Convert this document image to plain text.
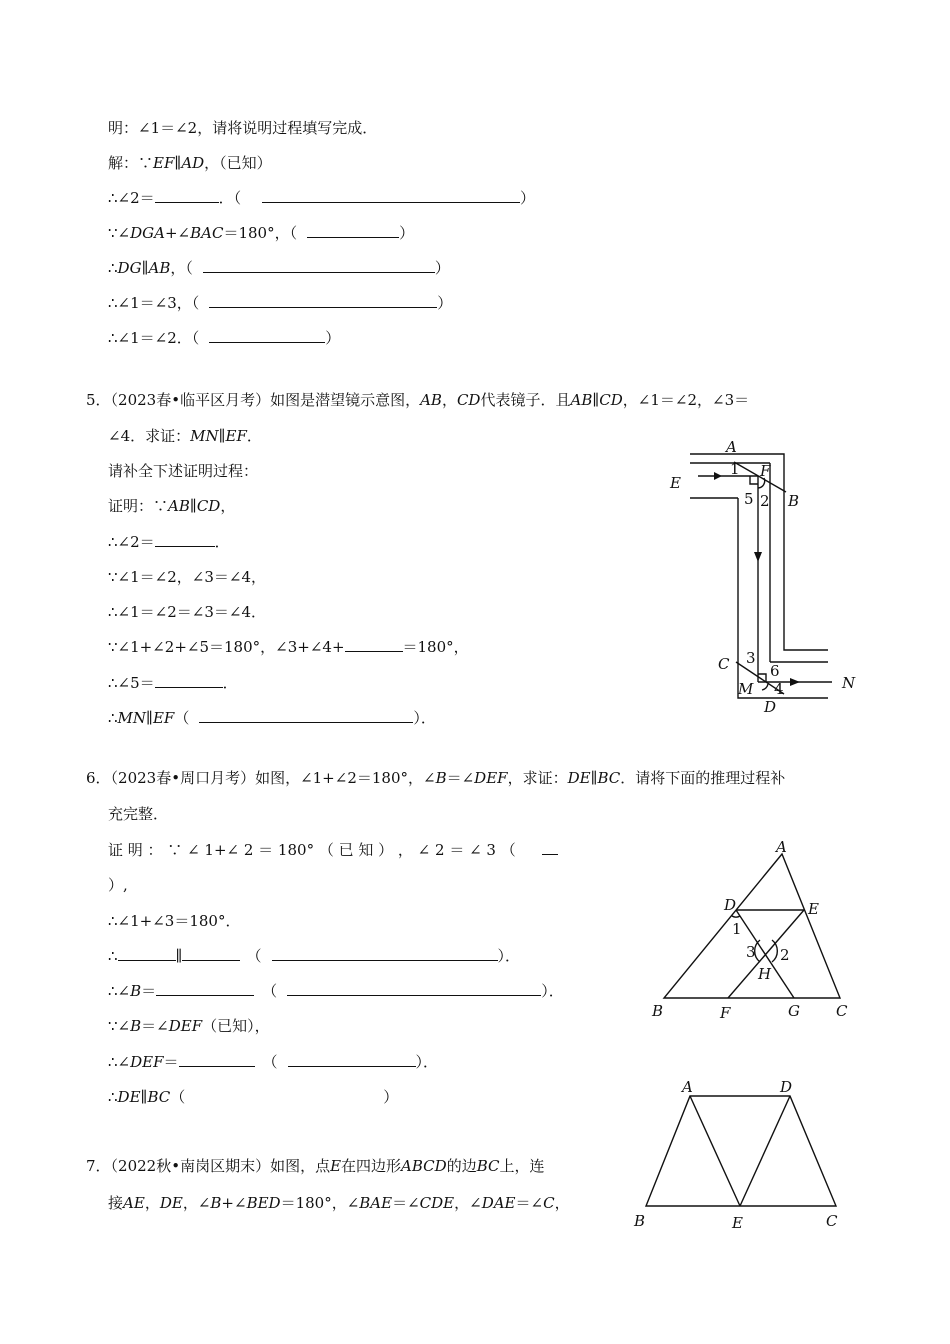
明：∠1＝∠2，请将说明过程填写完成．
解：∵EF∥AD，（已知）
∴∠2＝	．（	）
∵∠DGA+∠BAC＝180°，（	）
∴DG∥AB，（	）
∴∠1＝∠3，（	）
∴∠1＝∠2．（	）
5．（2023春•临平区月考）如图是潜望镜示意图，AB，CD代表镜子．且AB∥CD，∠1＝∠2，∠3＝
∠4．求证：MN∥EF．
请补全下述证明过程：
证明：∵AB∥CD，
∴∠2＝	．
∵∠1＝∠2，∠3＝∠4，
∴∠1＝∠2＝∠3＝∠4．
∵∠1+∠2+∠5＝180°，∠3+∠4+	＝180°，
∴∠5＝	．
∴MN∥EF（	）．
A
F
1
5 2 B
E
C 3
6
4
M
D
N
6．（2023春•周口月考）如图，∠1+∠2＝180°，∠B＝∠DEF，求证：DE∥BC．请将下面的推理过程补
充完整．
证 明 ： ∵ ∠ 1+∠ 2 ＝ 180° （ 已 知 ） ， ∠ 2 ＝ ∠ 3 （
）,
∴∠1+∠3＝180°．
∴	∥	（	）．
∴∠B＝	（	）．
∵∠B＝∠DEF（已知），
∴∠DEF＝	（	）．
∴DE∥BC（	）
A
D	E
1
3 2
H
B	F	G C
7．（2022秋•南岗区期末）如图，点E在四边形ABCD的边BC上，连
接AE，DE，∠B+∠BED＝180°，∠BAE＝∠CDE，∠DAE＝∠C，
A	D
B	E	C
